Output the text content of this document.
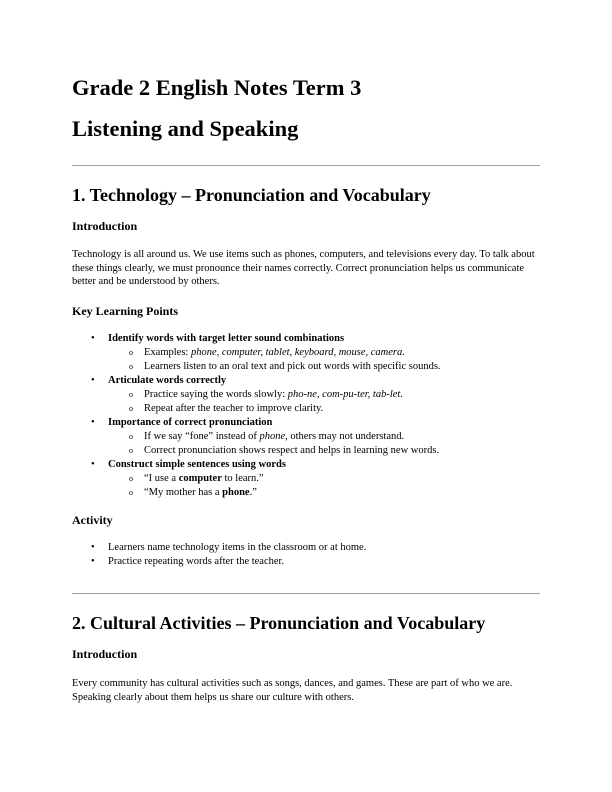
Grade 2 English Notes Term 3
Listening and Speaking
1. Technology – Pronunciation and Vocabulary
Introduction

Technology is all around us. We use items such as phones, computers, and televisions every day. To talk about these things clearly, we must pronounce their names correctly. Correct pronunciation helps us communicate better and be understood by others.

Key Learning Points
• Identify words with target letter sound combinations
o Examples: phone, computer, tablet, keyboard, mouse, camera.
o Learners listen to an oral text and pick out words with specific sounds.
• Articulate words correctly
o Practice saying the words slowly: pho-ne, com-pu-ter, tab-let.
o Repeat after the teacher to improve clarity.
• Importance of correct pronunciation
o If we say “fone” instead of phone, others may not understand.
o Correct pronunciation shows respect and helps in learning new words.
• Construct simple sentences using words
o “I use a computer to learn.”
o “My mother has a phone.”
Activity
• Learners name technology items in the classroom or at home.
• Practice repeating words after the teacher.
2. Cultural Activities – Pronunciation and Vocabulary
Introduction

Every community has cultural activities such as songs, dances, and games. These are part of who we are. Speaking clearly about them helps us share our culture with others.
